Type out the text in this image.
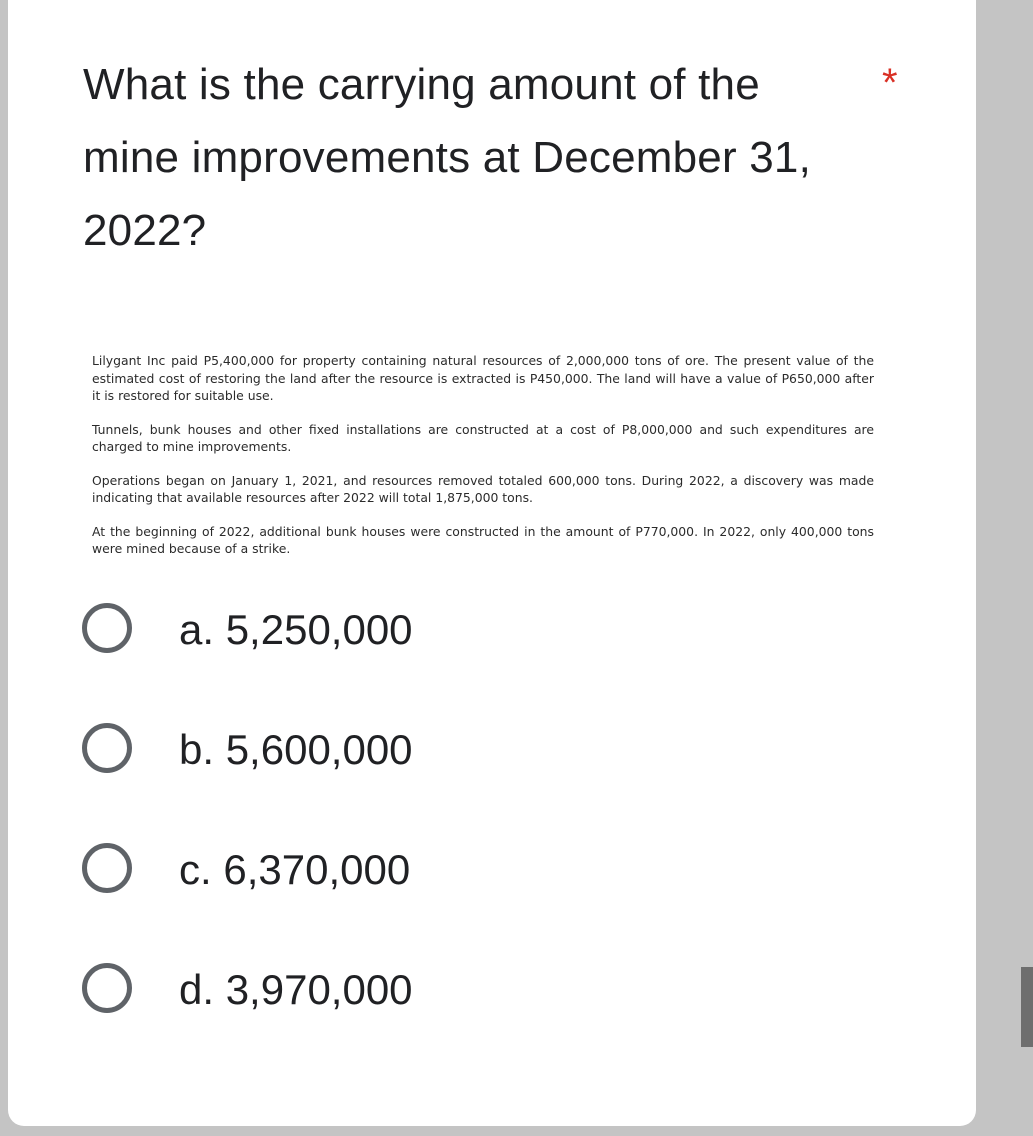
What is the carrying amount of the mine improvements at December 31, 2022?
*

Lilygant Inc paid P5,400,000 for property containing natural resources of 2,000,000 tons of ore. The present value of the estimated cost of restoring the land after the resource is extracted is P450,000. The land will have a value of P650,000 after it is restored for suitable use.

Tunnels, bunk houses and other fixed installations are constructed at a cost of P8,000,000 and such expenditures are charged to mine improvements.

Operations began on January 1, 2021, and resources removed totaled 600,000 tons. During 2022, a discovery was made indicating that available resources after 2022 will total 1,875,000 tons.

At the beginning of 2022, additional bunk houses were constructed in the amount of P770,000. In 2022, only 400,000 tons were mined because of a strike.

a. 5,250,000
b. 5,600,000
c. 6,370,000
d. 3,970,000
